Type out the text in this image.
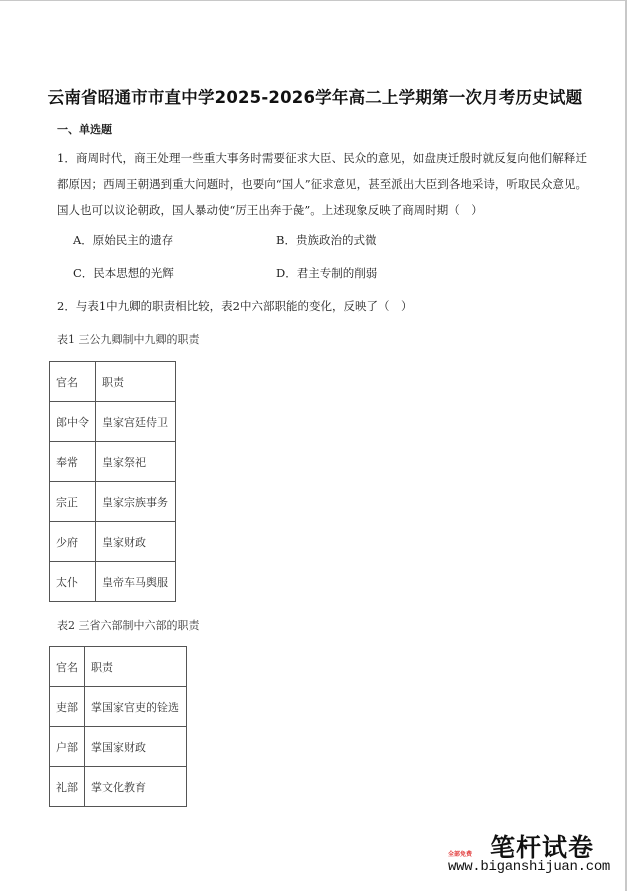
云南省昭通市市直中学2025-2026学年高二上学期第一次月考历史试题
一、单选题
1．商周时代，商王处理一些重大事务时需要征求大臣、民众的意见，如盘庚迁殷时就反复向他们解释迁都原因；西周王朝遇到重大问题时，也要向“国人”征求意见，甚至派出大臣到各地采诗，听取民众意见。国人也可以议论朝政，国人暴动使“厉王出奔于彘”。上述现象反映了商周时期（　）
A．原始民主的遗存	B．贵族政治的式微
C．民本思想的光辉	D．君主专制的削弱
2．与表1中九卿的职责相比较，表2中六部职能的变化，反映了（　）
表1 三公九卿制中九卿的职责
官名	职责
郎中令	皇家宫廷侍卫
奉常	皇家祭祀
宗正	皇家宗族事务
少府	皇家财政
太仆	皇帝车马舆服
表2 三省六部制中六部的职责
官名	职责
吏部	掌国家官吏的铨选
户部	掌国家财政
礼部	掌文化教育
笔杆试卷
全部免费
www.biganshijuan.com
